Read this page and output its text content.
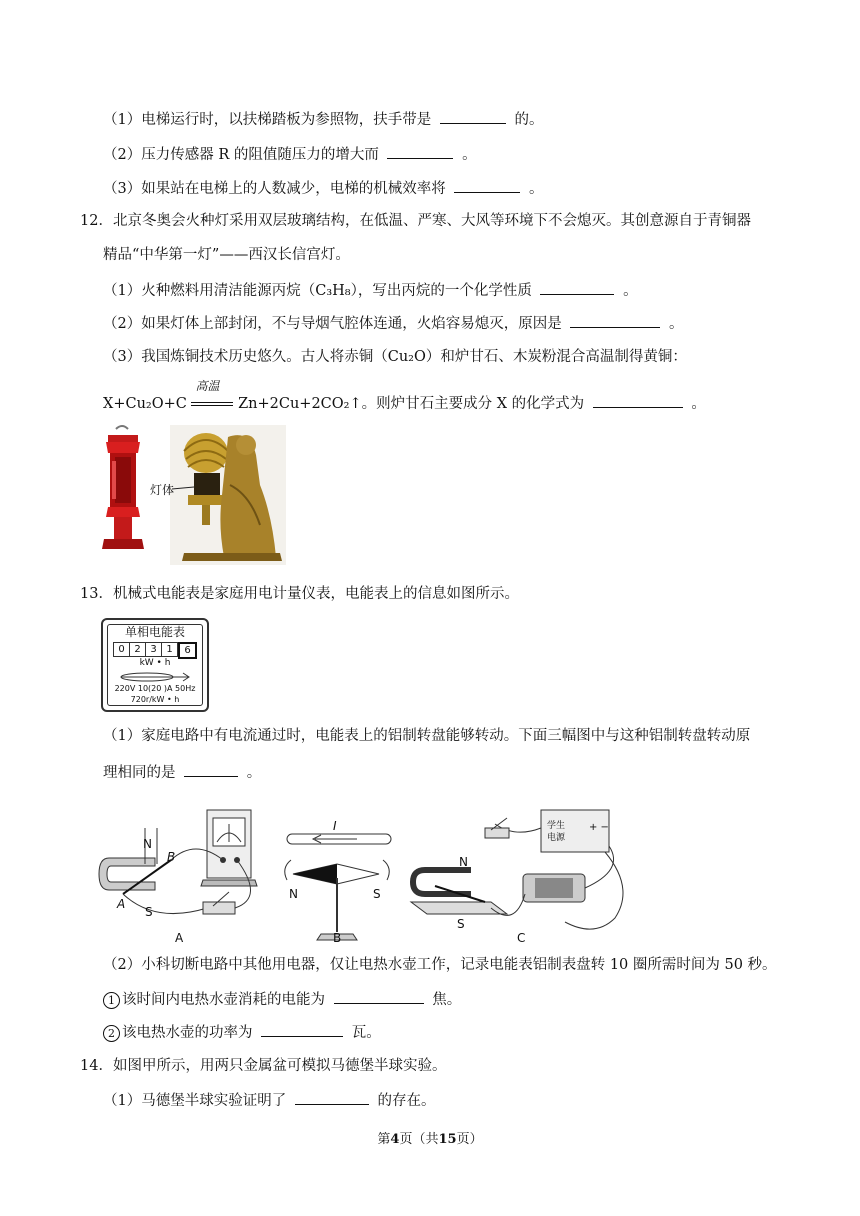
（1）电梯运行时，以扶梯踏板为参照物，扶手带是	的。
（2）压力传感器 R 的阻值随压力的增大而	。
（3）如果站在电梯上的人数减少，电梯的机械效率将	。
12．北京冬奥会火种灯采用双层玻璃结构，在低温、严寒、大风等环境下不会熄灭。其创意源自于青铜器
精品“中华第一灯”——西汉长信宫灯。
（1）火种燃料用清洁能源丙烷（C₃H₈），写出丙烷的一个化学性质	。
（2）如果灯体上部封闭，不与导烟气腔体连通，火焰容易熄灭，原因是	。
（3）我国炼铜技术历史悠久。古人将赤铜（Cu₂O）和炉甘石、木炭粉混合高温制得黄铜：
X+Cu₂O+C
高温
Zn+2Cu+2CO₂↑。则炉甘石主要成分 X 的化学式为	。
灯体
13．机械式电能表是家庭用电计量仪表，电能表上的信息如图所示。
单相电能表
0 2 3 1	6
kW • h
220V 10(20 )A 50Hz
720r/kW • h
（1）家庭电路中有电流通过时，电能表上的铝制转盘能够转动。下面三幅图中与这种铝制转盘转动原
理相同的是	。
N
B
A
S
A
I
N	S
B
+ −
学生
电源
N
S
C
（2）小科切断电路中其他用电器，仅让电热水壶工作，记录电能表铝制表盘转 10 圈所需时间为 50 秒。
1 该时间内电热水壶消耗的电能为	焦。
2 该电热水壶的功率为	瓦。
14．如图甲所示，用两只金属盆可模拟马德堡半球实验。
（1）马德堡半球实验证明了	的存在。
第4页（共15页）
